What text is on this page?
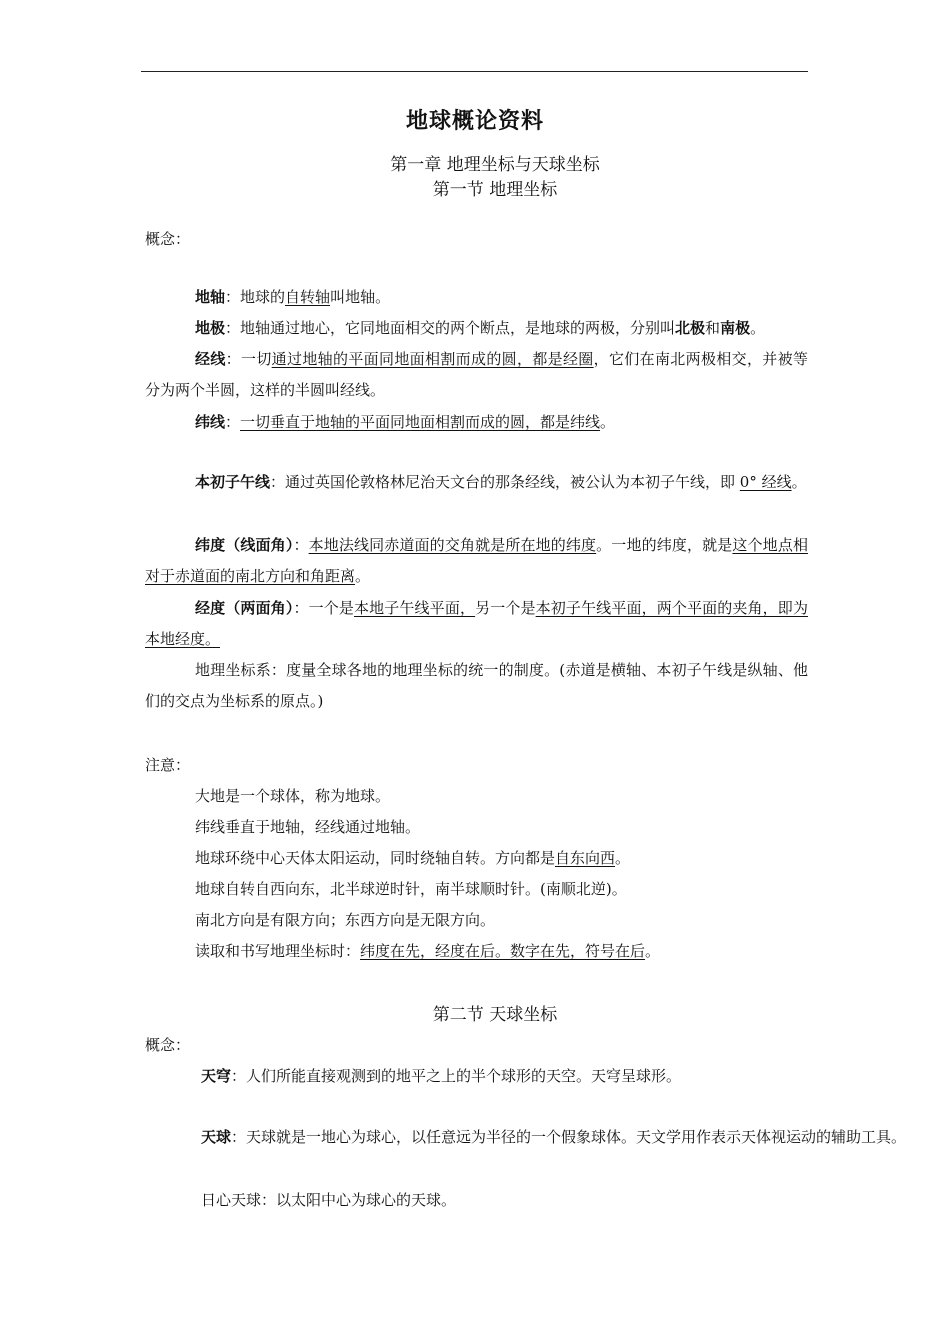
地球概论资料
第一章 地理坐标与天球坐标
第一节 地理坐标
概念：
地轴：地球的自转轴叫地轴。
地极：地轴通过地心，它同地面相交的两个断点，是地球的两极，分别叫北极和南极。
经线：一切通过地轴的平面同地面相割而成的圆，都是经圈，它们在南北两极相交，并被等分为两个半圆，这样的半圆叫经线。
纬线：一切垂直于地轴的平面同地面相割而成的圆，都是纬线。
本初子午线：通过英国伦敦格林尼治天文台的那条经线，被公认为本初子午线，即 0° 经线。
纬度（线面角）：本地法线同赤道面的交角就是所在地的纬度。一地的纬度，就是这个地点相对于赤道面的南北方向和角距离。
经度（两面角）：一个是本地子午线平面，另一个是本初子午线平面，两个平面的夹角，即为本地经度。
地理坐标系：度量全球各地的地理坐标的统一的制度。(赤道是横轴、本初子午线是纵轴、他们的交点为坐标系的原点。)
注意：
大地是一个球体，称为地球。
纬线垂直于地轴，经线通过地轴。
地球环绕中心天体太阳运动，同时绕轴自转。方向都是自东向西。
地球自转自西向东，北半球逆时针，南半球顺时针。(南顺北逆)。
南北方向是有限方向；东西方向是无限方向。
读取和书写地理坐标时：纬度在先，经度在后。数字在先，符号在后。
第二节 天球坐标
概念：
天穹：人们所能直接观测到的地平之上的半个球形的天空。天穹呈球形。
天球：天球就是一地心为球心，以任意远为半径的一个假象球体。天文学用作表示天体视运动的辅助工具。
日心天球：以太阳中心为球心的天球。
